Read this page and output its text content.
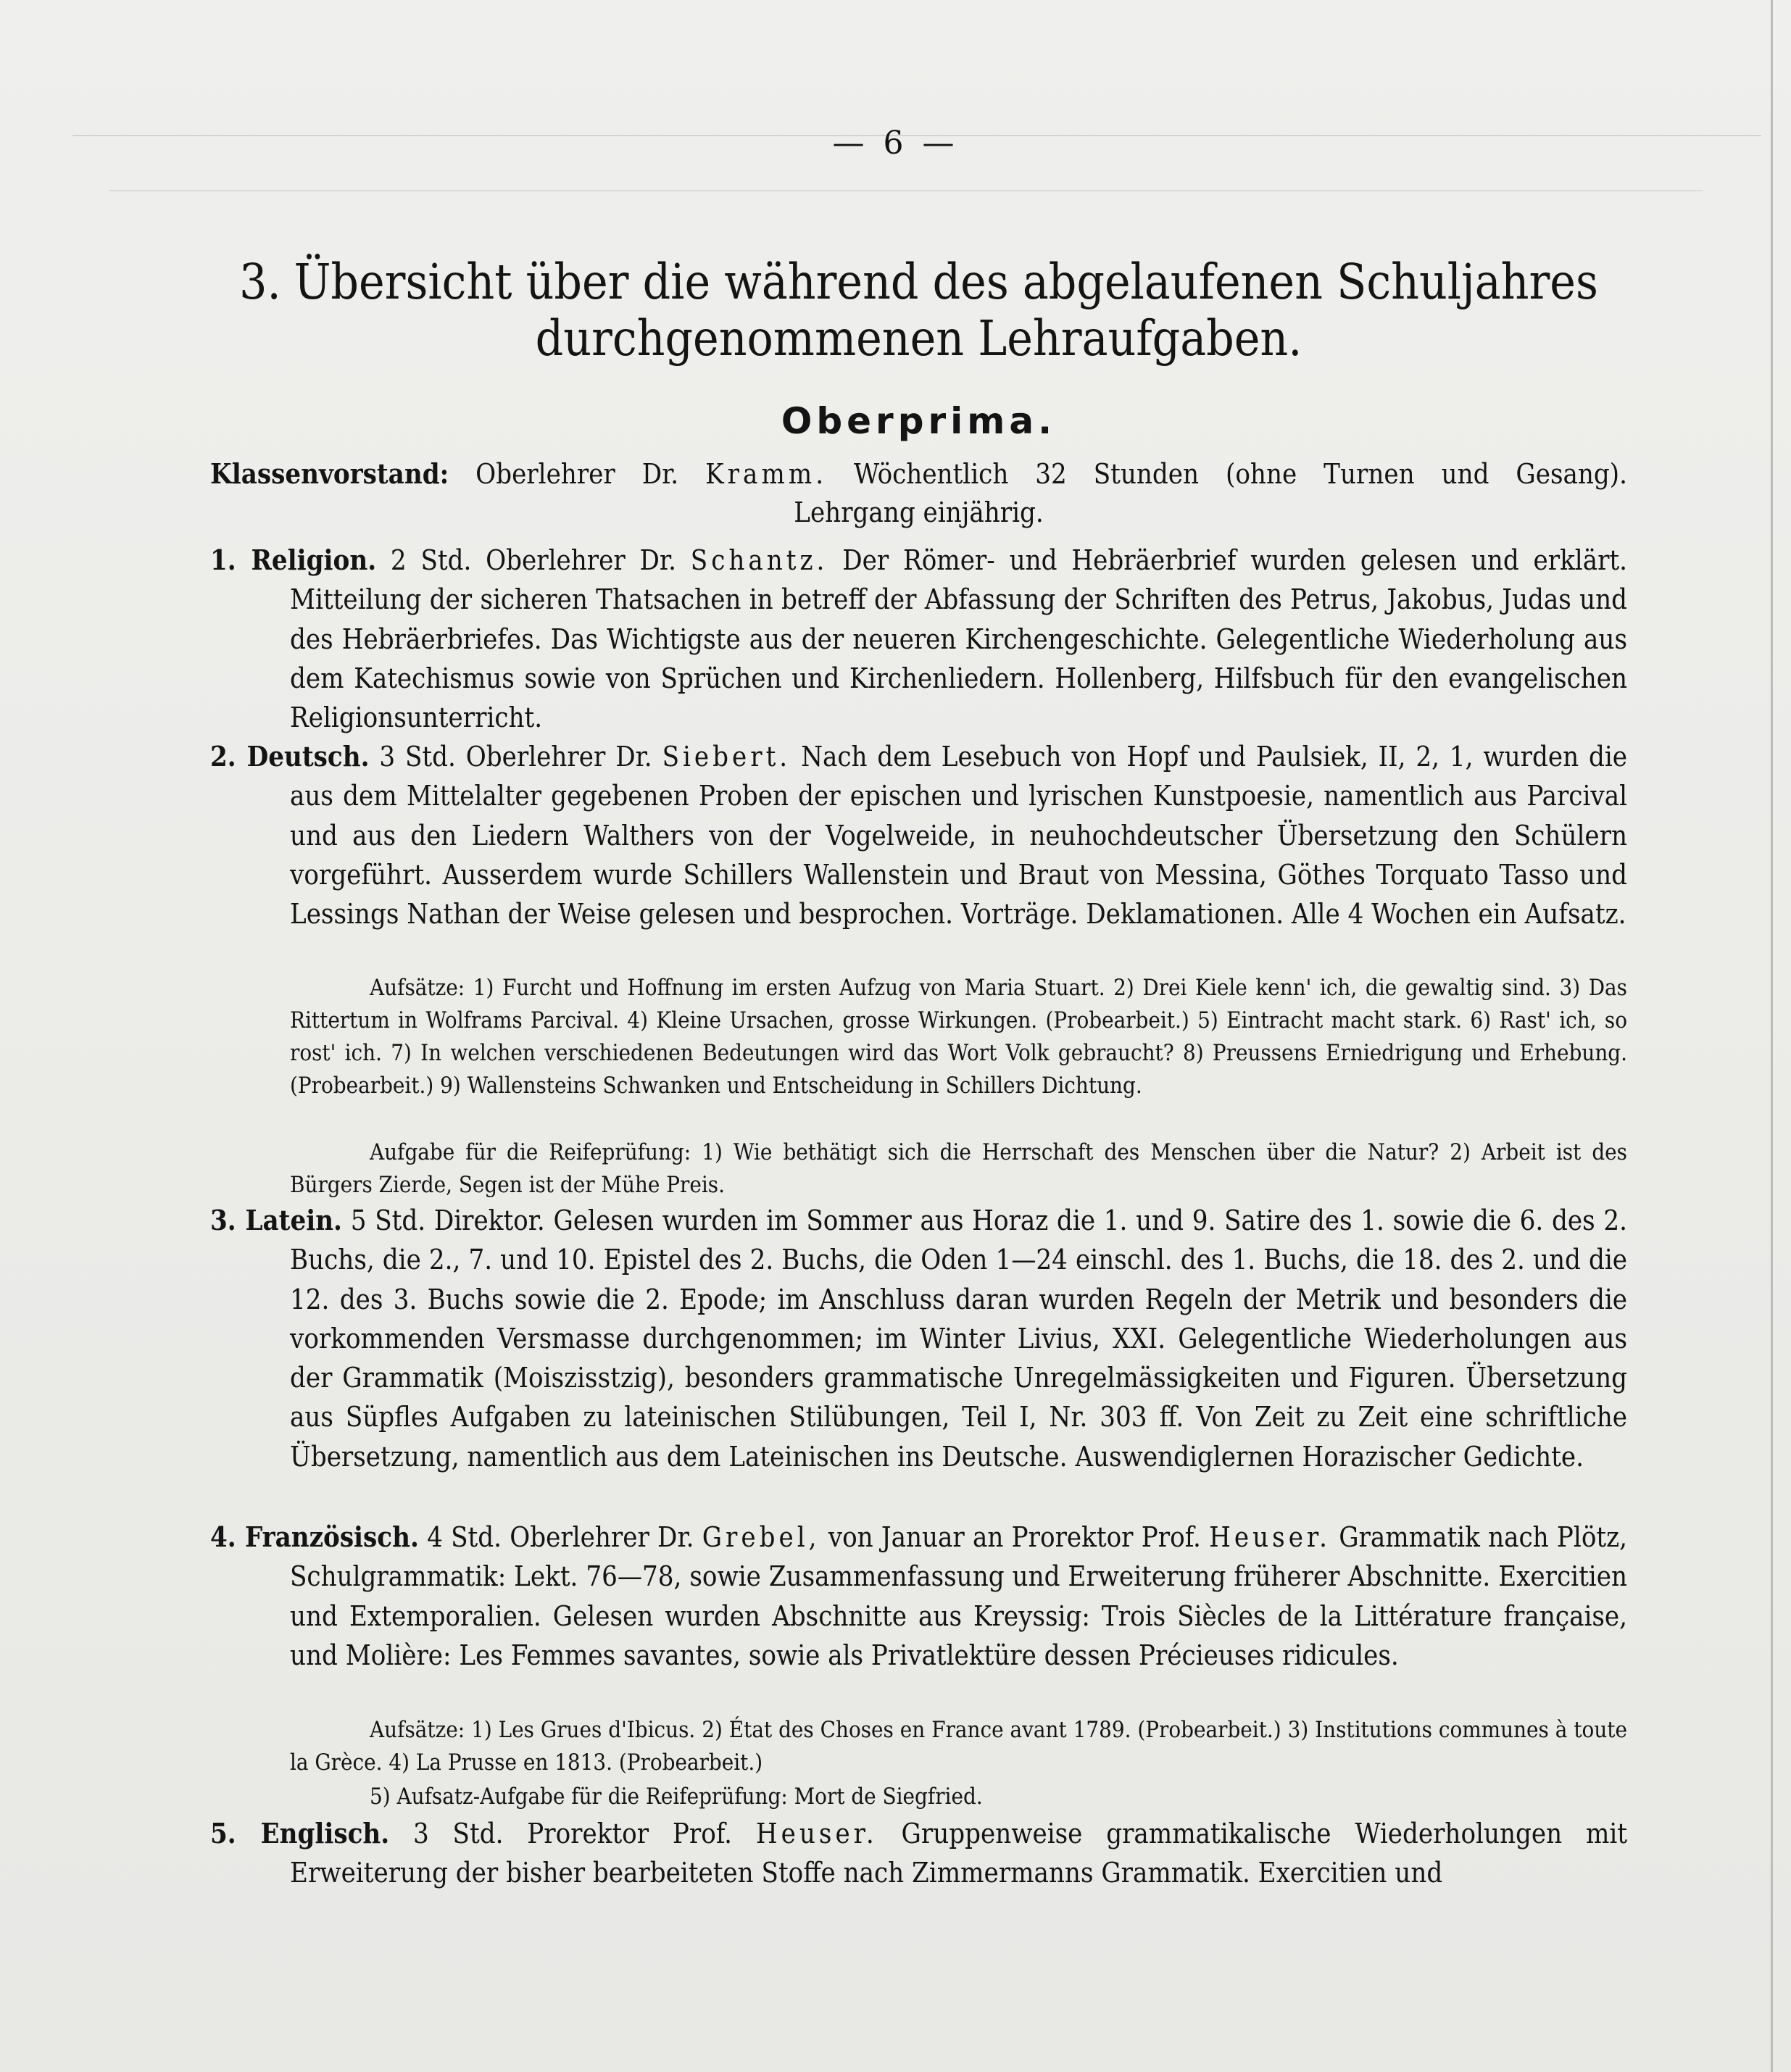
— 6 —
3. Übersicht über die während des abgelaufenen Schuljahres
durchgenommenen Lehraufgaben.
Oberprima.
Klassenvorstand: Oberlehrer Dr. Kramm. Wöchentlich 32 Stunden (ohne Turnen und Gesang).
Lehrgang einjährig.
1. Religion. 2 Std. Oberlehrer Dr. Schantz. Der Römer- und Hebräerbrief wurden gelesen und erklärt. Mitteilung der sicheren Thatsachen in betreff der Abfassung der Schriften des Petrus, Jakobus, Judas und des Hebräerbriefes. Das Wichtigste aus der neueren Kirchengeschichte. Gelegentliche Wiederholung aus dem Katechismus sowie von Sprüchen und Kirchenliedern. Hollenberg, Hilfsbuch für den evangelischen Religionsunterricht.
2. Deutsch. 3 Std. Oberlehrer Dr. Siebert. Nach dem Lesebuch von Hopf und Paulsiek, II, 2, 1, wurden die aus dem Mittelalter gegebenen Proben der epischen und lyrischen Kunstpoesie, namentlich aus Parcival und aus den Liedern Walthers von der Vogelweide, in neuhochdeutscher Übersetzung den Schülern vorgeführt. Ausserdem wurde Schillers Wallenstein und Braut von Messina, Göthes Torquato Tasso und Lessings Nathan der Weise gelesen und besprochen. Vorträge. Deklamationen. Alle 4 Wochen ein Aufsatz.
Aufsätze: 1) Furcht und Hoffnung im ersten Aufzug von Maria Stuart. 2) Drei Kiele kenn' ich, die gewaltig sind. 3) Das Rittertum in Wolframs Parcival. 4) Kleine Ursachen, grosse Wirkungen. (Probearbeit.) 5) Eintracht macht stark. 6) Rast' ich, so rost' ich. 7) In welchen verschiedenen Bedeutungen wird das Wort Volk gebraucht? 8) Preussens Erniedrigung und Erhebung. (Probearbeit.) 9) Wallensteins Schwanken und Entscheidung in Schillers Dichtung.
Aufgabe für die Reifeprüfung: 1) Wie bethätigt sich die Herrschaft des Menschen über die Natur? 2) Arbeit ist des Bürgers Zierde, Segen ist der Mühe Preis.
3. Latein. 5 Std. Direktor. Gelesen wurden im Sommer aus Horaz die 1. und 9. Satire des 1. sowie die 6. des 2. Buchs, die 2., 7. und 10. Epistel des 2. Buchs, die Oden 1—24 einschl. des 1. Buchs, die 18. des 2. und die 12. des 3. Buchs sowie die 2. Epode; im Anschluss daran wurden Regeln der Metrik und besonders die vorkommenden Versmasse durchgenommen; im Winter Livius, XXI. Gelegentliche Wiederholungen aus der Grammatik (Moiszisstzig), besonders grammatische Unregelmässigkeiten und Figuren. Übersetzung aus Süpfles Aufgaben zu lateinischen Stilübungen, Teil I, Nr. 303 ff. Von Zeit zu Zeit eine schriftliche Übersetzung, namentlich aus dem Lateinischen ins Deutsche. Auswendiglernen Horazischer Gedichte.
4. Französisch. 4 Std. Oberlehrer Dr. Grebel, von Januar an Prorektor Prof. Heuser. Grammatik nach Plötz, Schulgrammatik: Lekt. 76—78, sowie Zusammenfassung und Erweiterung früherer Abschnitte. Exercitien und Extemporalien. Gelesen wurden Abschnitte aus Kreyssig: Trois Siècles de la Littérature française, und Molière: Les Femmes savantes, sowie als Privatlektüre dessen Précieuses ridicules.
Aufsätze: 1) Les Grues d'Ibicus. 2) État des Choses en France avant 1789. (Probearbeit.) 3) Institutions communes à toute la Grèce. 4) La Prusse en 1813. (Probearbeit.)
5) Aufsatz-Aufgabe für die Reifeprüfung: Mort de Siegfried.
5. Englisch. 3 Std. Prorektor Prof. Heuser. Gruppenweise grammatikalische Wiederholungen mit Erweiterung der bisher bearbeiteten Stoffe nach Zimmermanns Grammatik. Exercitien und
